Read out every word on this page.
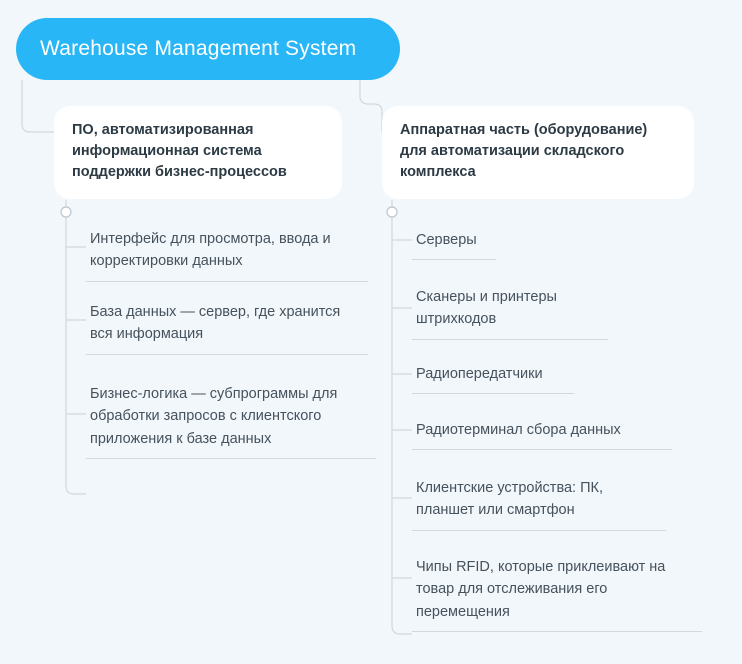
Warehouse Management System
ПО, автоматизированная информационная система поддержки бизнес-процессов
Аппаратная часть (оборудование) для автоматизации складского комплекса
Интерфейс для просмотра, ввода и корректировки данных
База данных — сервер, где хранится вся информация
Бизнес-логика — субпрограммы для обработки запросов с клиентского приложения к базе данных
Серверы
Сканеры и принтеры штрихкодов
Радиопередатчики
Радиотерминал сбора данных
Клиентские устройства: ПК, планшет или смартфон
Чипы RFID, которые приклеивают на товар для отслеживания его перемещения
